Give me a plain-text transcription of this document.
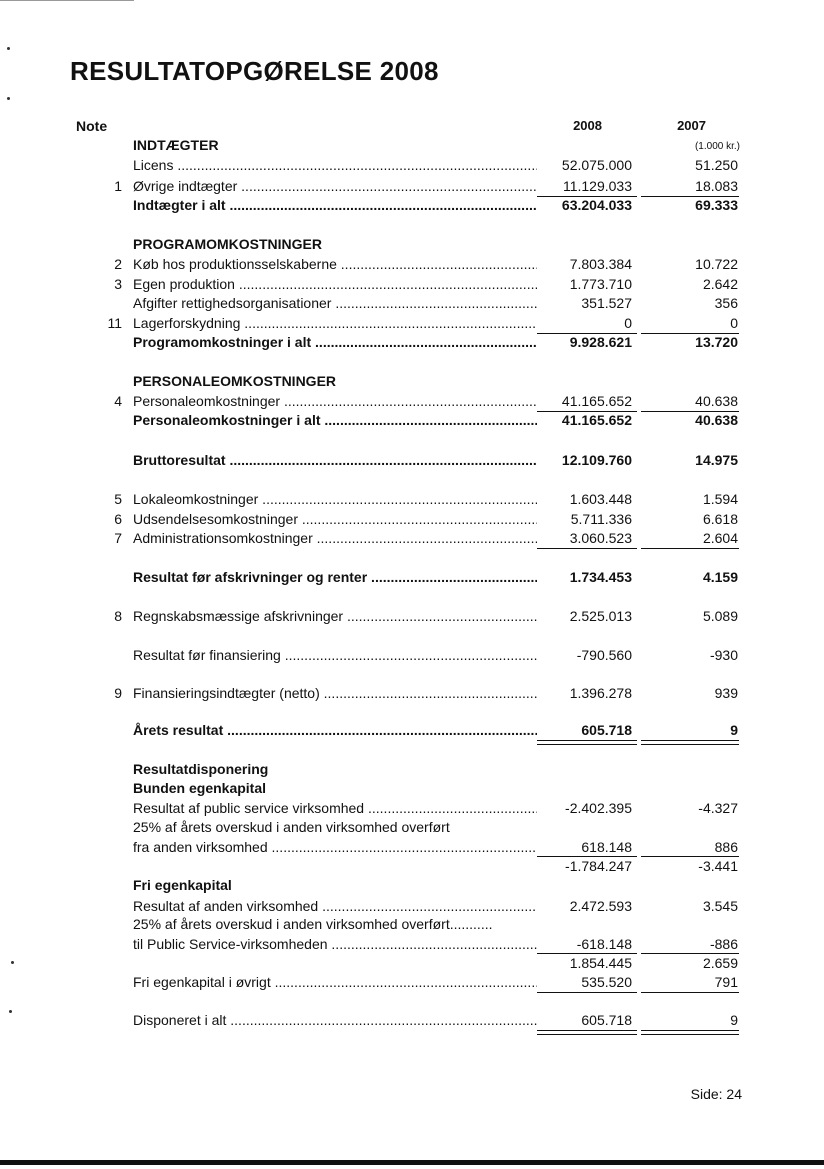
RESULTATOPGØRELSE 2008
Note	2008	2007
(1.000 kr.)
INDTÆGTER
Licens .....	52.075.000	51.250
1 Øvrige indtægter .....	11.129.033	18.083
Indtægter i alt .....	63.204.033	69.333
PROGRAMOMKOSTNINGER
2 Køb hos produktionsselskaberne .....	7.803.384	10.722
3 Egen produktion .....	1.773.710	2.642
Afgifter rettighedsorganisationer .....	351.527	356
11 Lagerforskydning .....	0	0
Programomkostninger i alt .....	9.928.621	13.720
PERSONALEOMKOSTNINGER
4 Personaleomkostninger .....	41.165.652	40.638
Personaleomkostninger i alt .....	41.165.652	40.638
Bruttoresultat .....	12.109.760	14.975
5 Lokaleomkostninger .....	1.603.448	1.594
6 Udsendelsesomkostninger .....	5.711.336	6.618
7 Administrationsomkostninger .....	3.060.523	2.604
Resultat før afskrivninger og renter .....	1.734.453	4.159
8 Regnskabsmæssige afskrivninger .....	2.525.013	5.089
Resultat før finansiering .....	-790.560	-930
9 Finansieringsindtægter (netto) .....	1.396.278	939
Årets resultat .....	605.718	9
Resultatdisponering
Bunden egenkapital
Resultat af public service virksomhed .....	-2.402.395	-4.327
25% af årets overskud i anden virksomhed overført
fra anden virksomhed .....	618.148	886
-1.784.247	-3.441
Fri egenkapital
Resultat af anden virksomhed .....	2.472.593	3.545
25% af årets overskud i anden virksomhed overført...........
til Public Service-virksomheden .....	-618.148	-886
1.854.445	2.659
Fri egenkapital i øvrigt .....	535.520	791
Disponeret i alt .....	605.718	9
Side: 24
